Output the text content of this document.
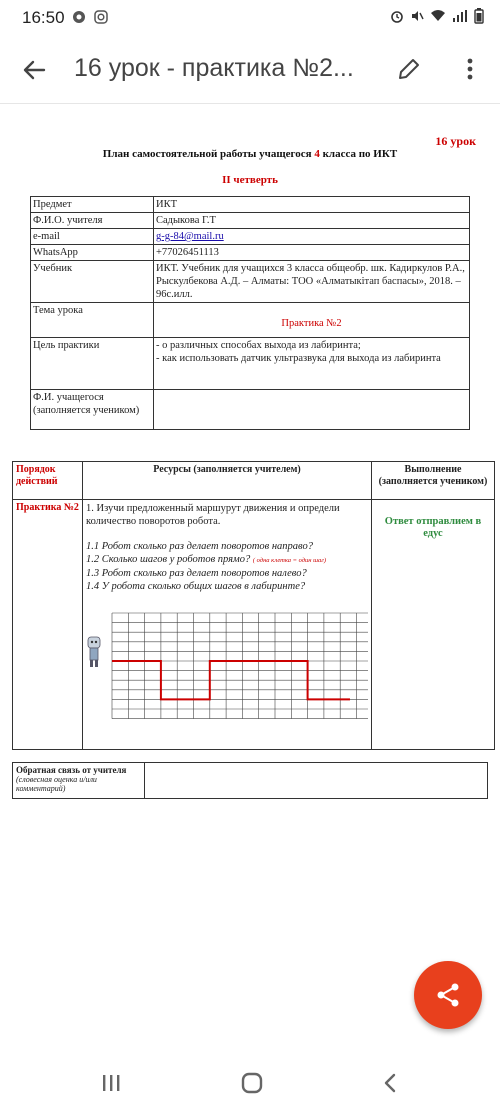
16:50
16 урок - практика №2...
16 урок
План самостоятельной работы учащегося 4 класса по ИКТ
II четверть
Предмет	ИКТ
Ф.И.О. учителя	Садыкова Г.Т
e-mail	g-g-84@mail.ru
WhatsApp	+77026451113
Учебник	ИКТ. Учебник для учащихся 3 класса общеобр. шк. Кадиркулов Р.А., Рыскулбекова А.Д. – Алматы: ТОО «Алматыкітап баспасы», 2018. – 96с.илл.
Тема урока	Практика №2

Цель практики	- о различных способах выхода из лабиринта;
- как использовать датчик ультразвука для выхода из лабиринта

Ф.И. учащегося (заполняется учеником)	
Порядок действий	Ресурсы (заполняется учителем)	Выполнение (заполняется учеником)
Практика №2	1. Изучи предложенный маршурут движения и определи количество поворотов робота.
1.1 Робот сколько раз делает поворотов направо?
1.2 Сколько шагов у роботов прямо? ( одна клетка = один шаг)
1.3 Робот сколько раз делает поворотов налево?
1.4 У робота сколько общих шагов в лабиринте?	Ответ отправлием в едус
Обратная связь от учителя
(словесная оценка и/или комментарий)
